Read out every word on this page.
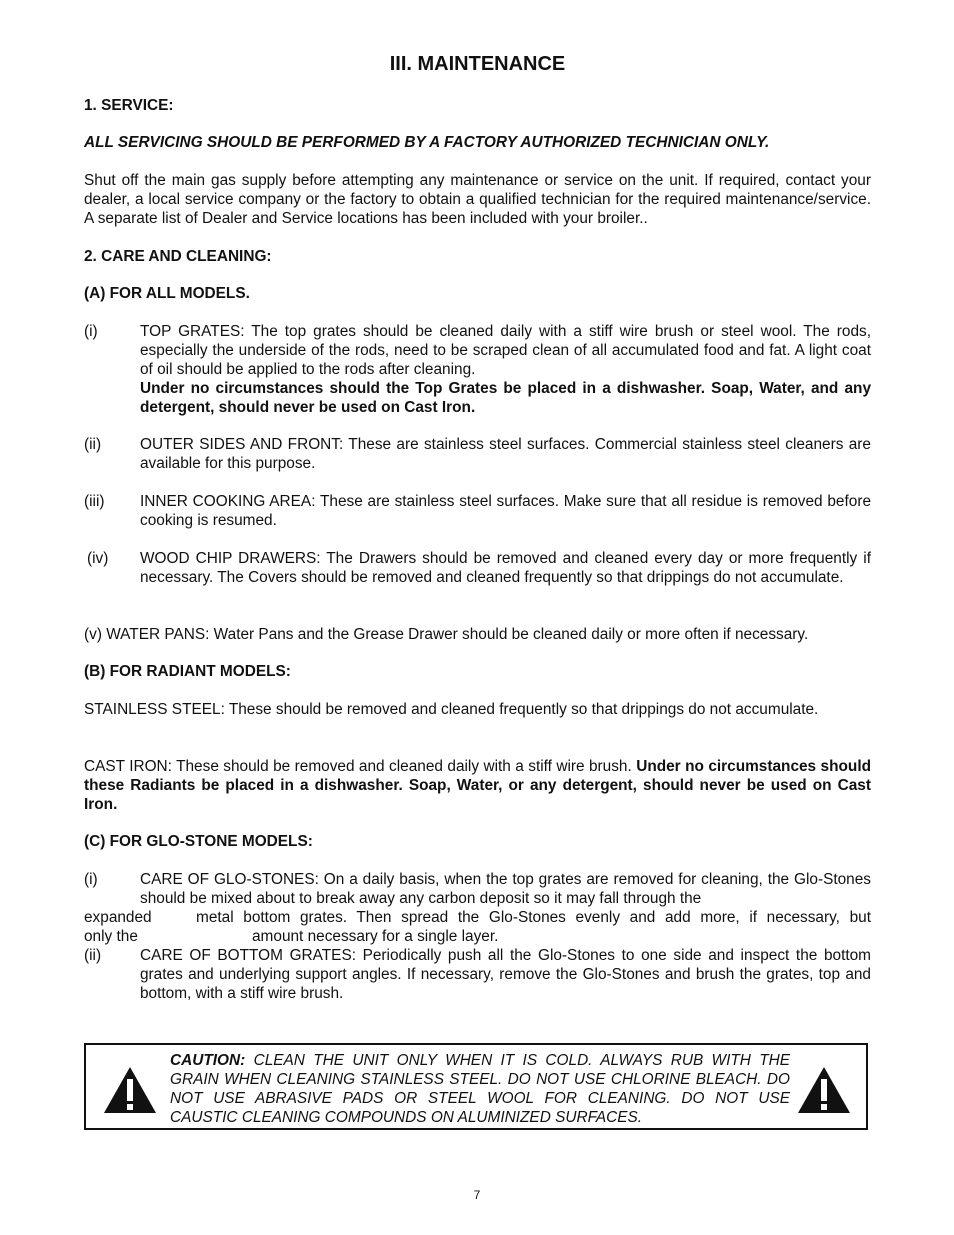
III. MAINTENANCE
1. SERVICE:
ALL SERVICING SHOULD BE PERFORMED BY A FACTORY AUTHORIZED TECHNICIAN ONLY.
Shut off the main gas supply before attempting any maintenance or service on the unit. If required, contact your dealer, a local service company or the factory to obtain a qualified technician for the required maintenance/service. A separate list of Dealer and Service locations has been included with your broiler..
2. CARE AND CLEANING:
(A) FOR ALL MODELS.
(i)	TOP GRATES: The top grates should be cleaned daily with a stiff wire brush or steel wool. The rods, especially the underside of the rods, need to be scraped clean of all accumulated food and fat. A light coat of oil should be applied to the rods after cleaning.
Under no circumstances should the Top Grates be placed in a dishwasher. Soap, Water, and any detergent, should never be used on Cast Iron.
(ii)	OUTER SIDES AND FRONT: These are stainless steel surfaces. Commercial stainless steel cleaners are available for this purpose.
(iii) INNER COOKING AREA: These are stainless steel surfaces. Make sure that all residue is removed before cooking is resumed.
(iv) WOOD CHIP DRAWERS: The Drawers should be removed and cleaned every day or more frequently if necessary. The Covers should be removed and cleaned frequently so that drippings do not accumulate.
(v) WATER PANS: Water Pans and the Grease Drawer should be cleaned daily or more often if necessary.
(B) FOR RADIANT MODELS:
STAINLESS STEEL: These should be removed and cleaned frequently so that drippings do not accumulate.
CAST IRON: These should be removed and cleaned daily with a stiff wire brush. Under no circumstances should these Radiants be placed in a dishwasher. Soap, Water, or any detergent, should never be used on Cast Iron.
(C) FOR GLO-STONE MODELS:
(i)	CARE OF GLO-STONES: On a daily basis, when the top grates are removed for cleaning, the Glo-Stones should be mixed about to break away any carbon deposit so it may fall through the
expanded	metal bottom grates. Then spread the Glo-Stones evenly and add more, if necessary, but
only the	amount necessary for a single layer.
(ii)	CARE OF BOTTOM GRATES: Periodically push all the Glo-Stones to one side and inspect the bottom grates and underlying support angles. If necessary, remove the Glo-Stones and brush the grates, top and bottom, with a stiff wire brush.
CAUTION: CLEAN THE UNIT ONLY WHEN IT IS COLD. ALWAYS RUB WITH THE GRAIN WHEN CLEANING STAINLESS STEEL. DO NOT USE CHLORINE BLEACH. DO NOT USE ABRASIVE PADS OR STEEL WOOL FOR CLEANING. DO NOT USE CAUSTIC CLEANING COMPOUNDS ON ALUMINIZED SURFACES.
7
